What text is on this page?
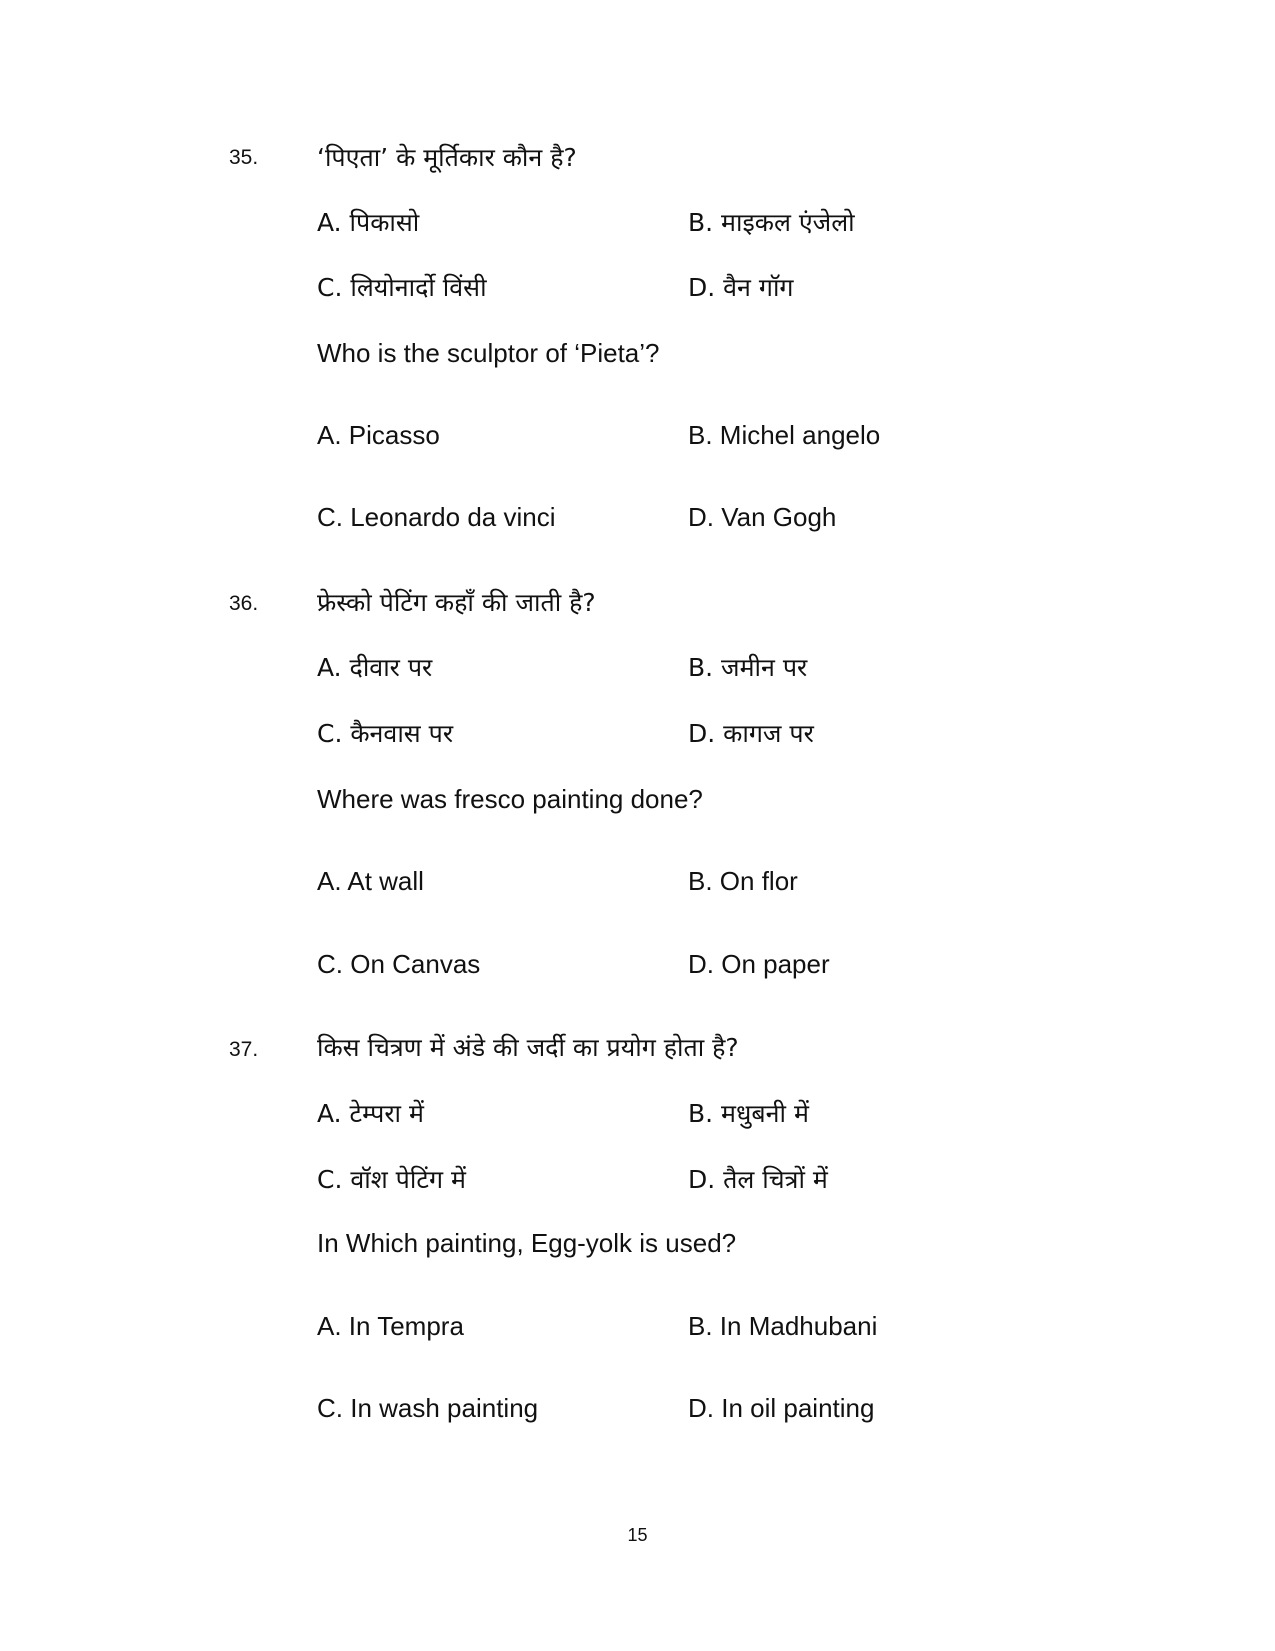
35. ‘पिएता’ के मूर्तिकार कौन है?
A. पिकासो	B. माइकल एंजेलो
C. लियोनार्दो विंसी	D. वैन गॉग
Who is the sculptor of ‘Pieta’?
A. Picasso	B. Michel angelo
C. Leonardo da vinci	D. Van Gogh
36. फ्रेस्को पेटिंग कहाँ की जाती है?
A. दीवार पर	B. जमीन पर
C. कैनवास पर	D. कागज पर
Where was fresco painting done?
A. At wall	B. On flor
C. On Canvas	D. On paper
37. किस चित्रण में अंडे की जर्दी का प्रयोग होता है?
A. टेम्परा में	B. मधुबनी में
C. वॉश पेटिंग में	D. तैल चित्रों में
In Which painting, Egg-yolk is used?
A. In Tempra	B. In Madhubani
C. In wash painting	D. In oil painting
15
